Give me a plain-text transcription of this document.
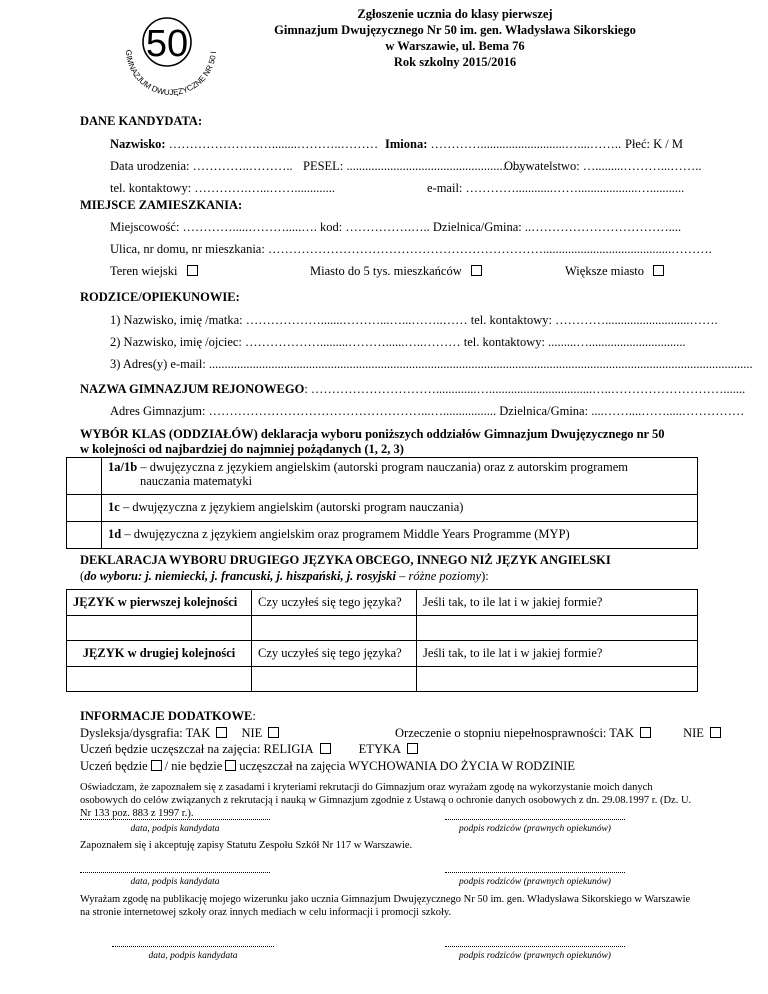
50
GIMNAZJUM DWUJĘZYCZNE NR 50 I
Zgłoszenie ucznia do klasy pierwszej
Gimnazjum Dwujęzycznego Nr 50 im. gen. Władysława Sikorskiego
w Warszawie, ul. Bema 76
Rok szkolny 2015/2016
DANE KANDYDATA:
Nazwisko: ………………….…........………..……… Imiona: …………...........................…....…….. Płeć: K / M
Data urodzenia: …………..……….. PESEL: .........................................................
Obywatelstwo: ….........………...……..
tel. kontaktowy: ………….…...…….............	e-mail: …………............……...................…...........
MIEJSCE ZAMIESZKANIA:
Miejscowość: ………….....……….....…. kod: …………….….. Dzielnica/Gmina: ..……………………………....
Ulica, nr domu, nr mieszkania: ………………………………………………………….........................................……….
Teren wiejski	Miasto do 5 tys. mieszkańców	Większe miasto
RODZICE/OPIEKUNOWIE:
1) Nazwisko, imię /matka: ……………….......………...…...……..…… tel. kontaktowy: …………...........................…….
2) Nazwisko, imię /ojciec: ……………….........………......…..……… tel. kontaktowy: .........…...............................
3) Adres(y) e-mail: ..............................................................................................................................................................................
NAZWA GIMNAZJUM REJONOWEGO: ………………………….............….................................…..……………………….......
Adres Gimnazjum: ……………………………………………...…................. Dzielnica/Gmina: ....……....…….....……………
WYBÓR KLAS (ODDZIAŁÓW) deklaracja wyboru poniższych oddziałów Gimnazjum Dwujęzycznego nr 50
w kolejności od najbardziej do najmniej pożądanych (1, 2, 3)
	1a/1b – dwujęzyczna z językiem angielskim (autorski program nauczania) oraz z autorskim programem
nauczania matematyki
	1c – dwujęzyczna z językiem angielskim (autorski program nauczania)
	1d – dwujęzyczna z językiem angielskim oraz programem Middle Years Programme (MYP)
DEKLARACJA WYBORU DRUGIEGO JĘZYKA OBCEGO, INNEGO NIŻ JĘZYK ANGIELSKI
(do wyboru: j. niemiecki, j. francuski, j. hiszpański, j. rosyjski – różne poziomy):
JĘZYK w pierwszej kolejności	Czy uczyłeś się tego języka?	Jeśli tak, to ile lat i w jakiej formie?

JĘZYK w drugiej kolejności	Czy uczyłeś się tego języka?	Jeśli tak, to ile lat i w jakiej formie?

INFORMACJE DODATKOWE:
Dysleksja/dysgrafia: TAK NIE	Orzeczenie o stopniu niepełnosprawności: TAK	NIE
Uczeń będzie uczęszczał na zajęcia: RELIGIA	ETYKA
Uczeń będzie / nie będzie uczęszczał na zajęcia WYCHOWANIA DO ŻYCIA W RODZINIE
Oświadczam, że zapoznałem się z zasadami i kryteriami rekrutacji do Gimnazjum oraz wyrażam zgodę na wykorzystanie moich danych osobowych do celów związanych z rekrutacją i nauką w Gimnazjum zgodnie z Ustawą o ochronie danych osobowych z dn. 29.08.1997 r. (Dz. U. Nr 133 poz. 883 z 1997 r.).
data, podpis kandydata	podpis rodziców (prawnych opiekunów)
Zapoznałem się i akceptuję zapisy Statutu Zespołu Szkół Nr 117 w Warszawie.
data, podpis kandydata	podpis rodziców (prawnych opiekunów)
Wyrażam zgodę na publikację mojego wizerunku jako ucznia Gimnazjum Dwujęzycznego Nr 50 im. gen. Władysława Sikorskiego w Warszawie na stronie internetowej szkoły oraz innych mediach w celu informacji i promocji szkoły.
data, podpis kandydata	podpis rodziców (prawnych opiekunów)
